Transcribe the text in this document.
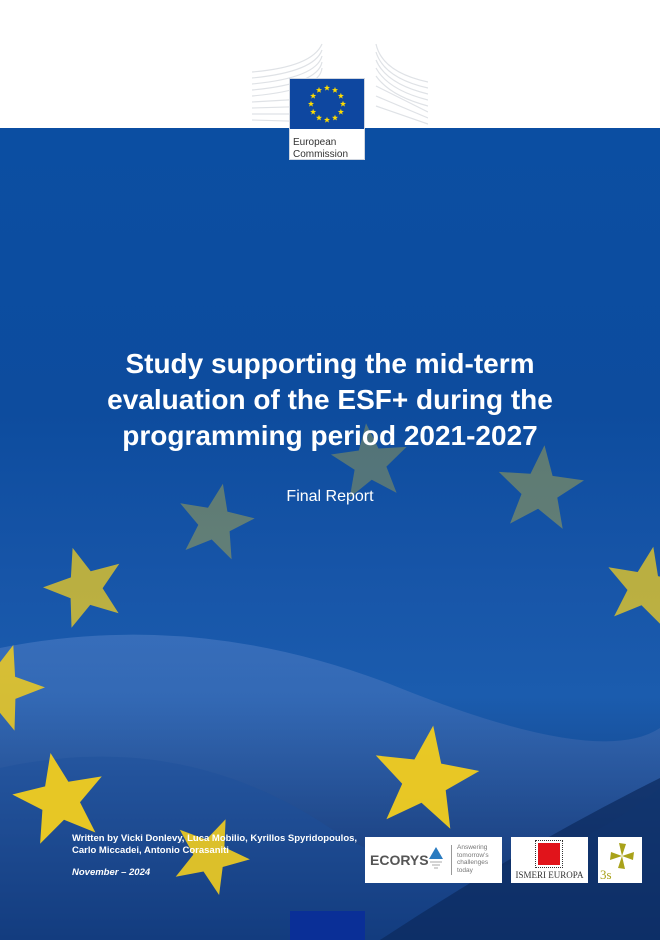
European
Commission
Study supporting the mid-term
evaluation of the ESF+ during the
programming period 2021-2027
Final Report
Written by Vicki Donlevy, Luca Mobilio, Kyrillos Spyridopoulos,
Carlo Miccadei, Antonio Corasaniti
November – 2024
ECORYS
Answering
tomorrow's
challenges
today	ISMERI EUROPA	3s
